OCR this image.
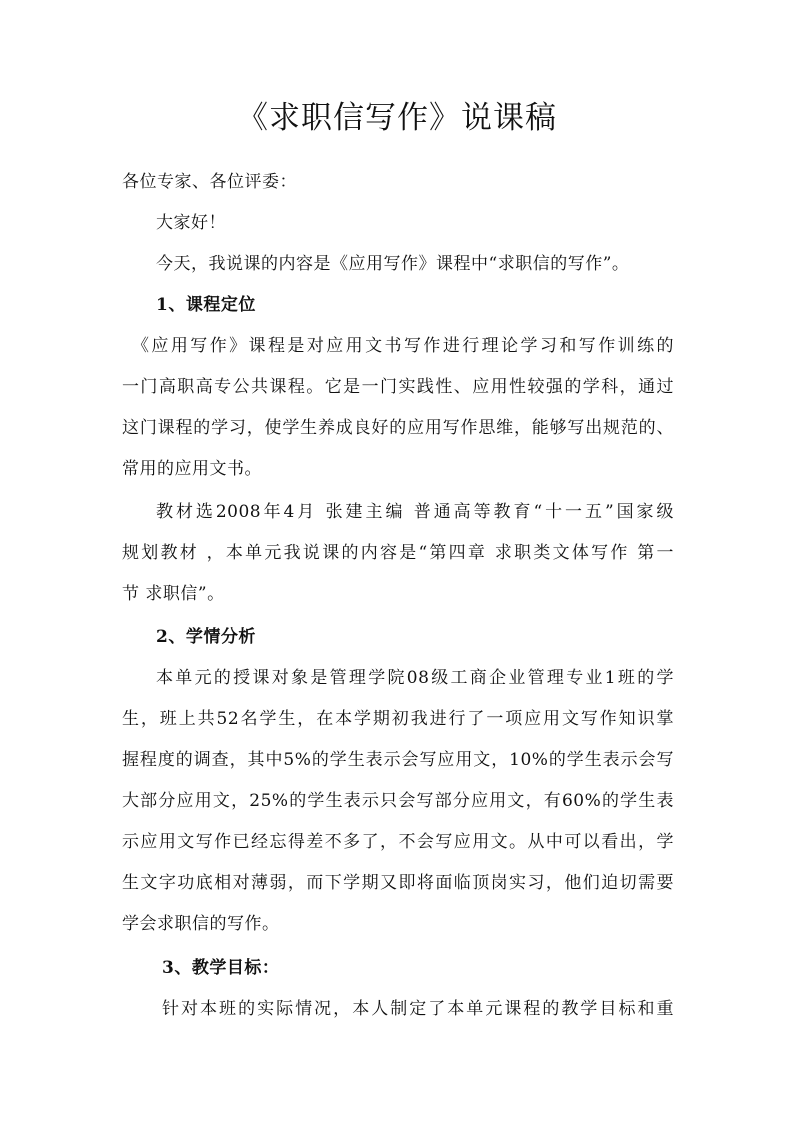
《求职信写作》说课稿
各位专家、各位评委：
大家好！
今天，我说课的内容是《应用写作》课程中“求职信的写作”。
1、课程定位
《应用写作》课程是对应用文书写作进行理论学习和写作训练的
一门高职高专公共课程。它是一门实践性、应用性较强的学科，通过
这门课程的学习，使学生养成良好的应用写作思维，能够写出规范的、
常用的应用文书。
教材选2008年4月 张建主编 普通高等教育“十一五”国家级
规划教材 ，本单元我说课的内容是“第四章 求职类文体写作 第一
节 求职信”。
2、学情分析
本单元的授课对象是管理学院08级工商企业管理专业1班的学
生，班上共52名学生，在本学期初我进行了一项应用文写作知识掌
握程度的调查，其中5%的学生表示会写应用文，10%的学生表示会写
大部分应用文，25%的学生表示只会写部分应用文，有60%的学生表
示应用文写作已经忘得差不多了，不会写应用文。从中可以看出，学
生文字功底相对薄弱，而下学期又即将面临顶岗实习，他们迫切需要
学会求职信的写作。
3、教学目标：
针对本班的实际情况，本人制定了本单元课程的教学目标和重
